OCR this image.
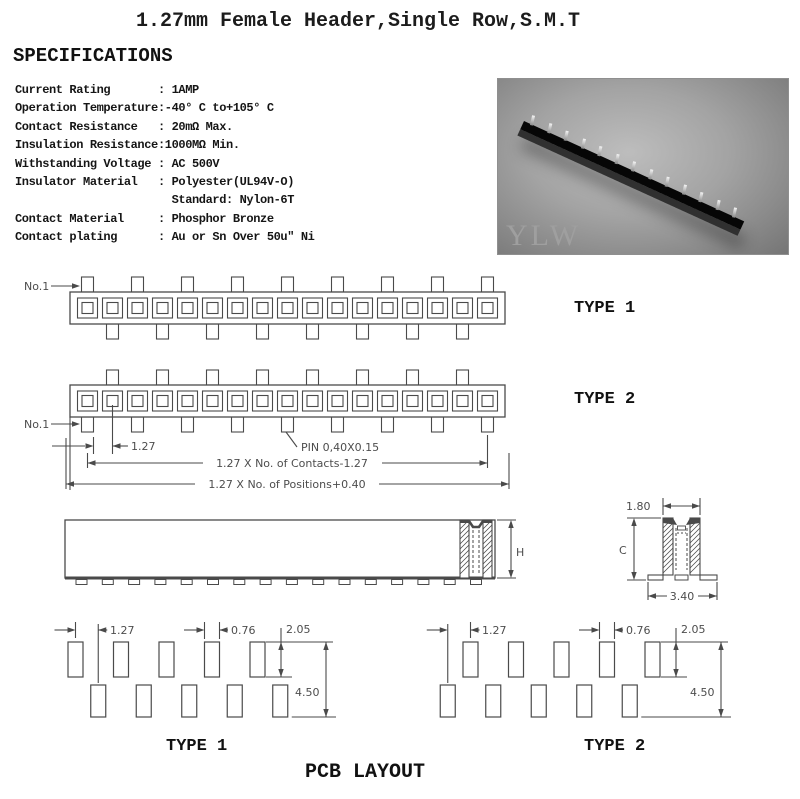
1.27mm Female Header,Single Row,S.M.T
SPECIFICATIONS
Current Rating	: 1AMP
Operation Temperature :-40° C to+105° C
Contact Resistance	: 20mΩ Max.
Insulation Resistance :1000MΩ Min.
Withstanding Voltage : AC 500V
Insulator Material	: Polyester(UL94V-O)
Standard: Nylon-6T
Contact Material	: Phosphor Bronze
Contact plating	: Au or Sn Over 50u" Ni	YLW
No.1
TYPE 1
No.1
1.27	PIN 0,40X0.15
1.27 X No. of Contacts-1.27
1.27 X No. of Positions+0.40
TYPE 2
H
1.80
C
3.40
1.27	0.76	2.05
4.50
1.27	0.76	2.05
4.50
TYPE 1	TYPE 2
PCB LAYOUT
